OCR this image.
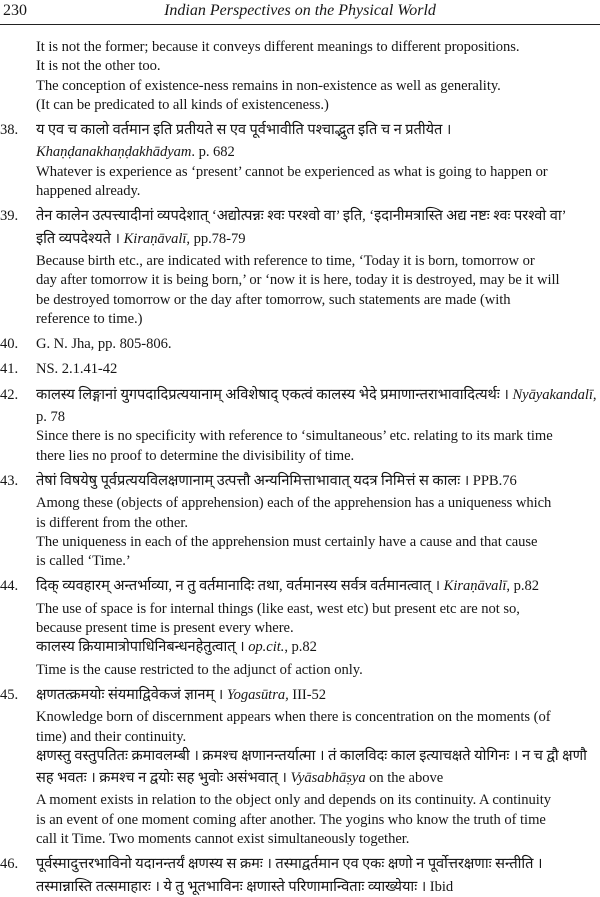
230	Indian Perspectives on the Physical World
It is not the former; because it conveys different meanings to different propositions.
It is not the other too.
The conception of existence-ness remains in non-existence as well as generality.
(It can be predicated to all kinds of existenceness.)
38. य एव च कालो वर्तमान इति प्रतीयते स एव पूर्वभावीति पश्चाद्भुत इति च न प्रतीयेत ।
Khaṇḍanakhaṇḍakhādyam. p. 682
Whatever is experience as ‘present’ cannot be experienced as what is going to happen or
happened already.
39. तेन कालेन उत्पत्त्यादीनां व्यपदेशात् ‘अद्योत्पन्नः श्वः परश्वो वा’ इति, ‘इदानीमत्रास्ति अद्य नष्टः श्वः परश्वो वा’
इति व्यपदेश्यते । Kiraṇāvalī, pp.78-79
Because birth etc., are indicated with reference to time, ‘Today it is born, tomorrow or
day after tomorrow it is being born,’ or ‘now it is here, today it is destroyed, may be it will
be destroyed tomorrow or the day after tomorrow, such statements are made (with
reference to time.)
40. G. N. Jha, pp. 805-806.
41. NS. 2.1.41-42
42. कालस्य लिङ्गानां युगपदादिप्रत्ययानाम् अविशेषाद् एकत्वं कालस्य भेदे प्रमाणान्तराभावादित्यर्थः । Nyāyakandalī,
p. 78
Since there is no specificity with reference to ‘simultaneous’ etc. relating to its mark time
there lies no proof to determine the divisibility of time.
43. तेषां विषयेषु पूर्वप्रत्ययविलक्षणानाम् उत्पत्तौ अन्यनिमित्ताभावात् यदत्र निमित्तं स कालः । PPB.76
Among these (objects of apprehension) each of the apprehension has a uniqueness which
is different from the other.
The uniqueness in each of the apprehension must certainly have a cause and that cause
is called ‘Time.’
44. दिक् व्यवहारम् अन्तर्भाव्या, न तु वर्तमानादिः तथा, वर्तमानस्य सर्वत्र वर्तमानत्वात् । Kiraṇāvalī, p.82
The use of space is for internal things (like east, west etc) but present etc are not so,
because present time is present every where.
कालस्य क्रियामात्रोपाधिनिबन्धनहेतुत्वात् । op.cit., p.82
Time is the cause restricted to the adjunct of action only.
45. क्षणतत्क्रमयोः संयमाद्विवेकजं ज्ञानम् । Yogasūtra, III-52
Knowledge born of discernment appears when there is concentration on the moments (of
time) and their continuity.
क्षणस्तु वस्तुपतितः क्रमावलम्बी । क्रमश्च क्षणानन्तर्यात्मा । तं कालविदः काल इत्याचक्षते योगिनः । न च द्वौ क्षणौ
सह भवतः । क्रमश्च न द्वयोः सह भुवोः असंभवात् । Vyāsabhāṣya on the above
A moment exists in relation to the object only and depends on its continuity. A continuity
is an event of one moment coming after another. The yogins who know the truth of time
call it Time. Two moments cannot exist simultaneously together.
46. पूर्वस्मादुत्तरभाविनो यदानन्तर्यं क्षणस्य स क्रमः । तस्माद्वर्तमान एव एकः क्षणो न पूर्वोत्तरक्षणाः सन्तीति ।
तस्मान्नास्ति तत्समाहारः । ये तु भूतभाविनः क्षणास्ते परिणामान्विताः व्याख्येयाः । Ibid
